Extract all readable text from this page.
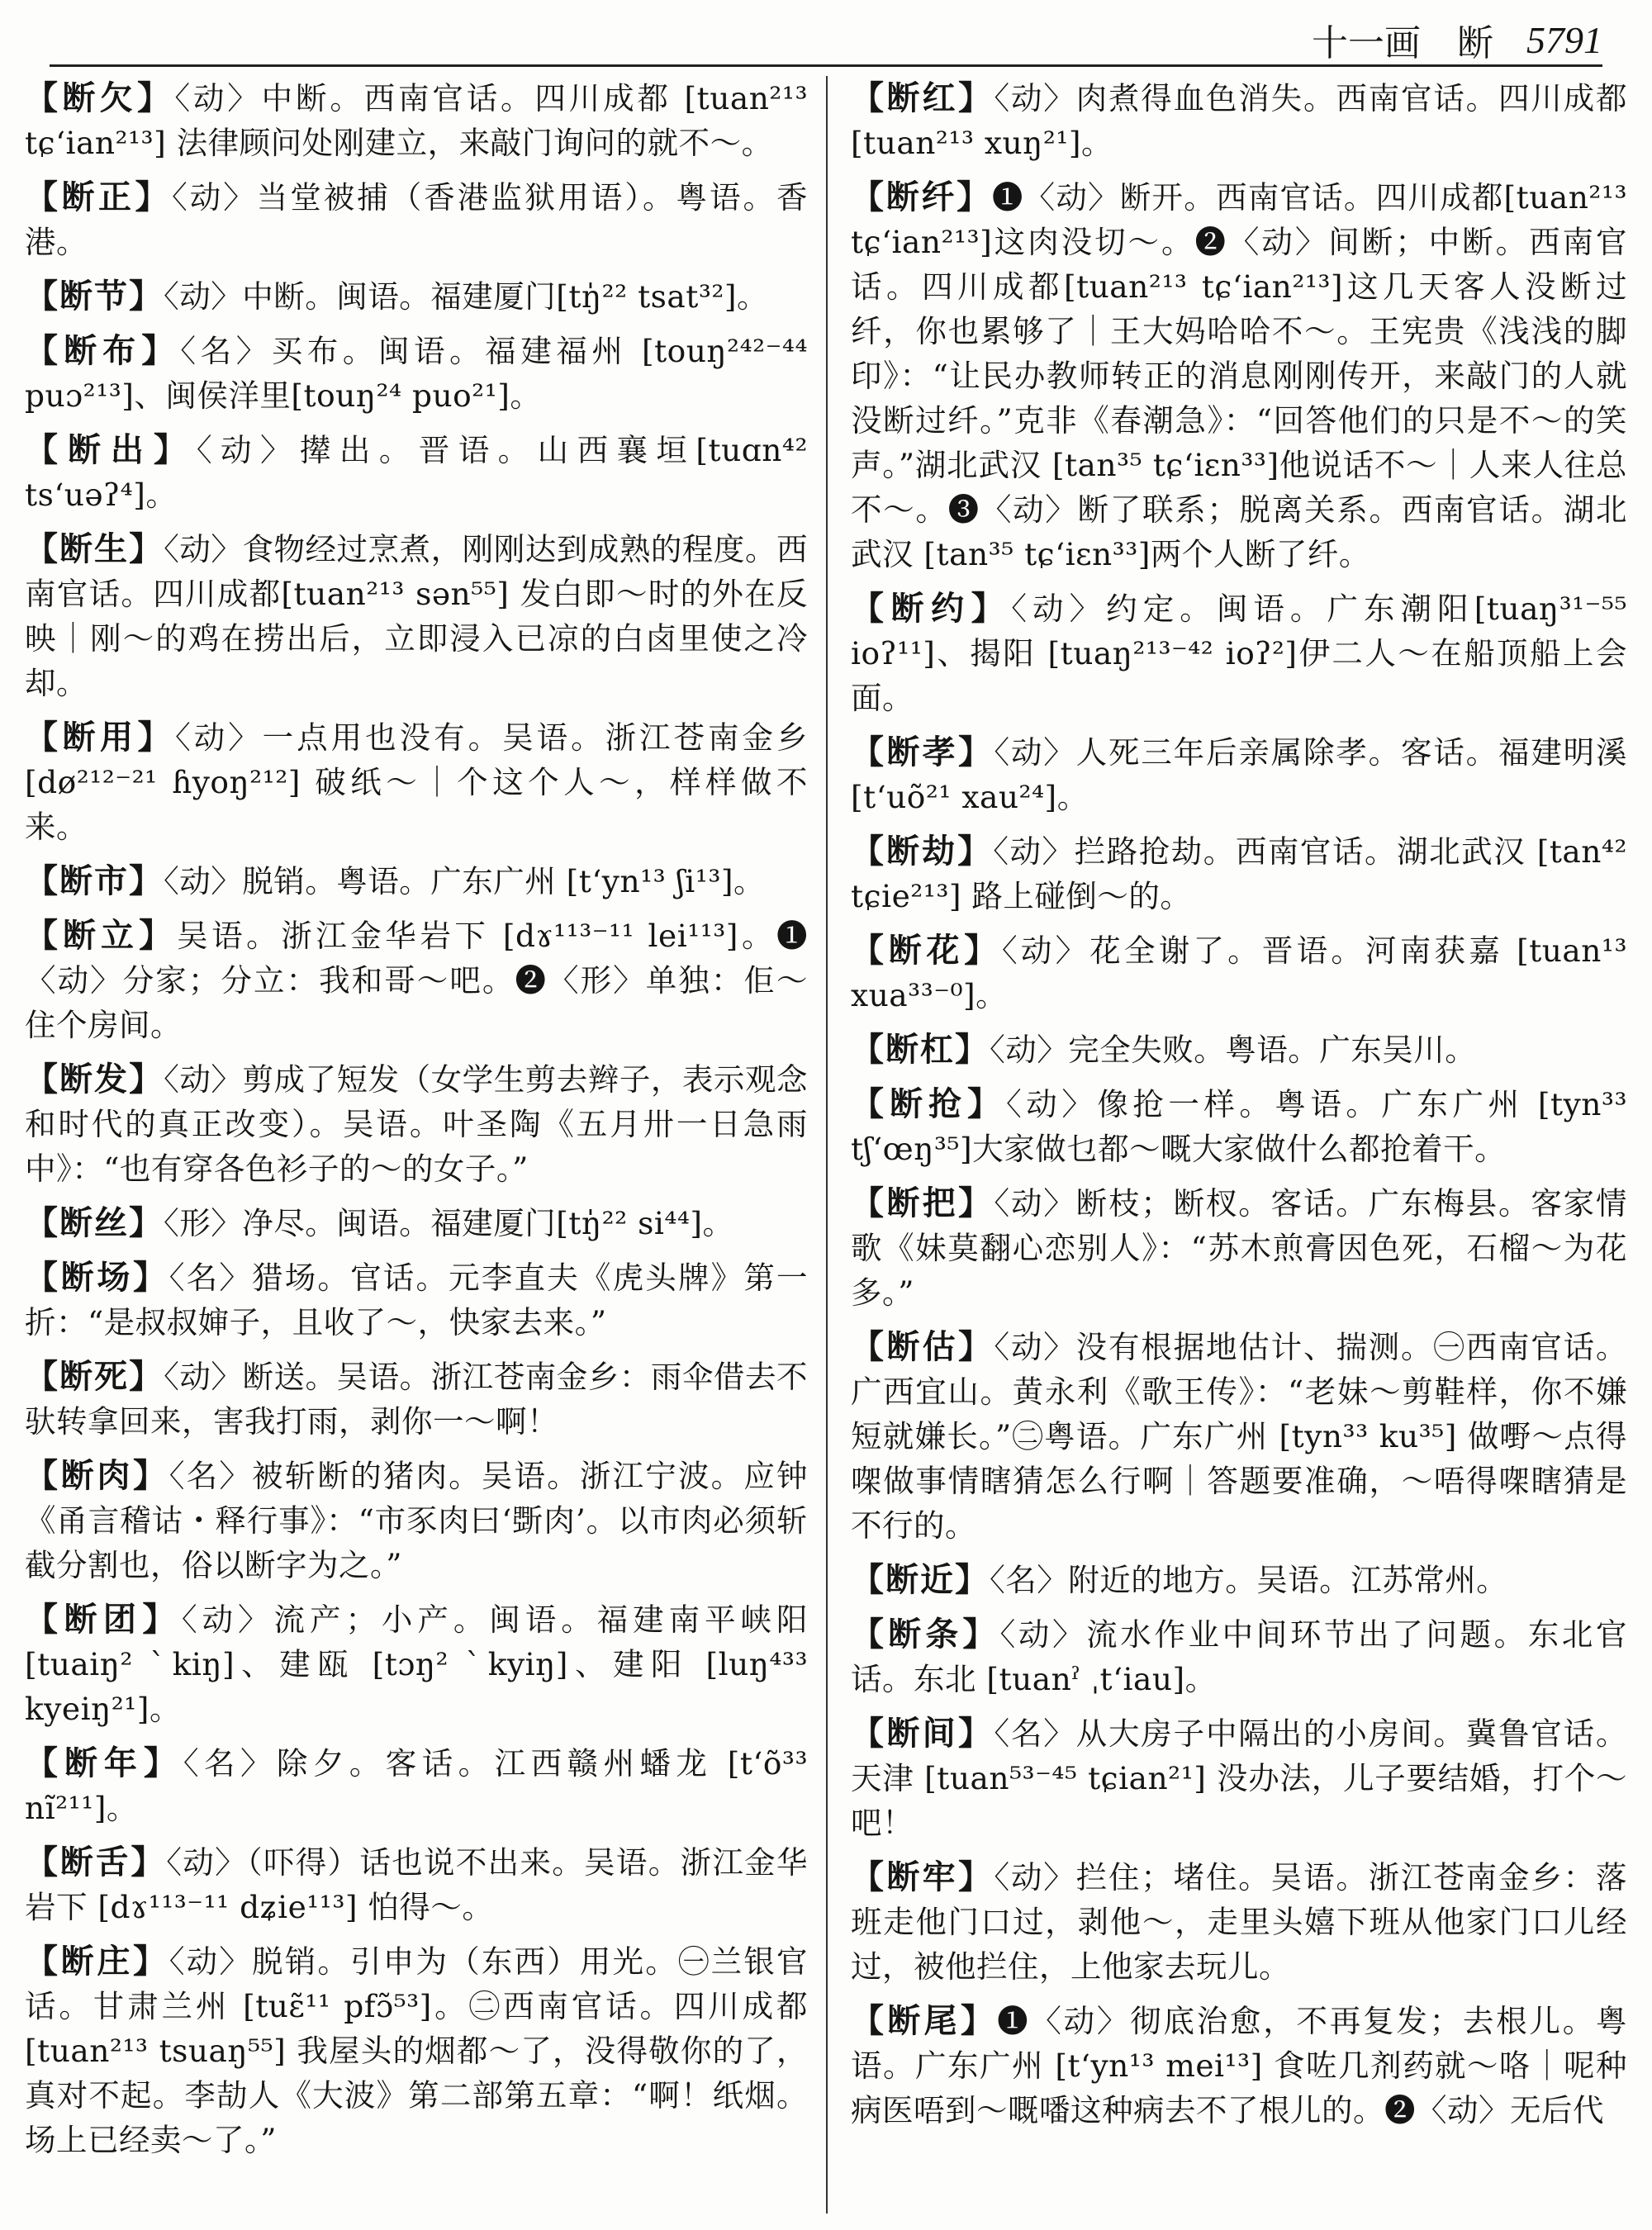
十一画　断 5791

【断欠】〈动〉中断。西南官话。四川成都 [tuan²¹³ tɕʻian²¹³] 法律顾问处刚建立，来敲门询问的就不～。

【断正】〈动〉当堂被捕（香港监狱用语）。粤语。香港。

【断节】〈动〉中断。闽语。福建厦门[tŋ̍²² tsat³²]。

【断布】〈名〉买布。闽语。福建福州 [touŋ²⁴²⁻⁴⁴ puɔ²¹³]、闽侯洋里[touŋ²⁴ puo²¹]。

【断出】〈动〉撵出。晋语。山西襄垣[tuɑn⁴² tsʻuəʔ⁴]。

【断生】〈动〉食物经过烹煮，刚刚达到成熟的程度。西南官话。四川成都[tuan²¹³ sən⁵⁵] 发白即～时的外在反映｜刚～的鸡在捞出后，立即浸入已凉的白卤里使之冷却。

【断用】〈动〉一点用也没有。吴语。浙江苍南金乡 [dø²¹²⁻²¹ ɦyoŋ²¹²] 破纸～｜个这个人～，样样做不来。

【断市】〈动〉脱销。粤语。广东广州 [tʻyn¹³ ʃi¹³]。

【断立】吴语。浙江金华岩下 [dɤ¹¹³⁻¹¹ lei¹¹³]。❶〈动〉分家；分立：我和哥～吧。❷〈形〉单独：佢～住个房间。

【断发】〈动〉剪成了短发（女学生剪去辫子，表示观念和时代的真正改变）。吴语。叶圣陶《五月卅一日急雨中》：“也有穿各色衫子的～的女子。”

【断丝】〈形〉净尽。闽语。福建厦门[tŋ̍²² si⁴⁴]。

【断场】〈名〉猎场。官话。元李直夫《虎头牌》第一折：“是叔叔婶子，且收了～，快家去来。”

【断死】〈动〉断送。吴语。浙江苍南金乡：雨伞借去不驮转拿回来，害我打雨，剥你一～啊！

【断肉】〈名〉被斩断的猪肉。吴语。浙江宁波。应钟《甬言稽诂・释行事》：“市豕肉曰‘斲肉’。以市肉必须斩截分割也，俗以断字为之。”

【断团】〈动〉流产；小产。闽语。福建南平峡阳 [tuaiŋ² ˋkiŋ]、建瓯 [tɔŋ² ˋkyiŋ]、建阳 [luŋ⁴³³ kyeiŋ²¹]。

【断年】〈名〉除夕。客话。江西赣州蟠龙 [tʻõ³³ nĩ²¹¹]。

【断舌】〈动〉（吓得）话也说不出来。吴语。浙江金华岩下 [dɤ¹¹³⁻¹¹ dʑie¹¹³] 怕得～。

【断庄】〈动〉脱销。引申为（东西）用光。㊀兰银官话。甘肃兰州 [tuɛ̃¹¹ pfɔ̃⁵³]。㊁西南官话。四川成都 [tuan²¹³ tsuaŋ⁵⁵] 我屋头的烟都～了，没得敬你的了，真对不起。李劼人《大波》第二部第五章：“啊！纸烟。场上已经卖～了。”

【断红】〈动〉肉煮得血色消失。西南官话。四川成都 [tuan²¹³ xuŋ²¹]。

【断纤】❶〈动〉断开。西南官话。四川成都[tuan²¹³ tɕʻian²¹³]这肉没切～。❷〈动〉间断；中断。西南官话。四川成都[tuan²¹³ tɕʻian²¹³]这几天客人没断过纤，你也累够了｜王大妈哈哈不～。王宪贵《浅浅的脚印》：“让民办教师转正的消息刚刚传开，来敲门的人就没断过纤。”克非《春潮急》：“回答他们的只是不～的笑声。”湖北武汉 [tan³⁵ tɕʻiɛn³³]他说话不～｜人来人往总不～。❸〈动〉断了联系；脱离关系。西南官话。湖北武汉 [tan³⁵ tɕʻiɛn³³]两个人断了纤。

【断约】〈动〉约定。闽语。广东潮阳[tuaŋ³¹⁻⁵⁵ ioʔ¹¹]、揭阳 [tuaŋ²¹³⁻⁴² ioʔ²]伊二人～在船顶船上会面。

【断孝】〈动〉人死三年后亲属除孝。客话。福建明溪 [tʻuõ²¹ xau²⁴]。

【断劫】〈动〉拦路抢劫。西南官话。湖北武汉 [tan⁴² tɕie²¹³] 路上碰倒～的。

【断花】〈动〉花全谢了。晋语。河南获嘉 [tuan¹³ xua³³⁻⁰]。

【断杠】〈动〉完全失败。粤语。广东吴川。

【断抢】〈动〉像抢一样。粤语。广东广州 [tyn³³ tʃʻœŋ³⁵]大家做乜都～嘅大家做什么都抢着干。

【断把】〈动〉断枝；断杈。客话。广东梅县。客家情歌《妹莫翻心恋别人》：“苏木煎膏因色死，石榴～为花多。”

【断估】〈动〉没有根据地估计、揣测。㊀西南官话。广西宜山。黄永利《歌王传》：“老妹～剪鞋样，你不嫌短就嫌长。”㊁粤语。广东广州 [tyn³³ ku³⁵] 做嘢～点得㗎做事情瞎猜怎么行啊｜答题要准确，～唔得㗎瞎猜是不行的。

【断近】〈名〉附近的地方。吴语。江苏常州。

【断条】〈动〉流水作业中间环节出了问题。东北官话。东北 [tuanˀ ˌtʻiau]。

【断间】〈名〉从大房子中隔出的小房间。冀鲁官话。天津 [tuan⁵³⁻⁴⁵ tɕian²¹] 没办法，儿子要结婚，打个～吧！

【断牢】〈动〉拦住；堵住。吴语。浙江苍南金乡：落班走他门口过，剥他～，走里头嬉下班从他家门口儿经过，被他拦住，上他家去玩儿。

【断尾】❶〈动〉彻底治愈，不再复发；去根儿。粤语。广东广州 [tʻyn¹³ mei¹³] 食咗几剂药就～咯｜呢种病医唔到～嘅噃这种病去不了根儿的。❷〈动〉无后代
